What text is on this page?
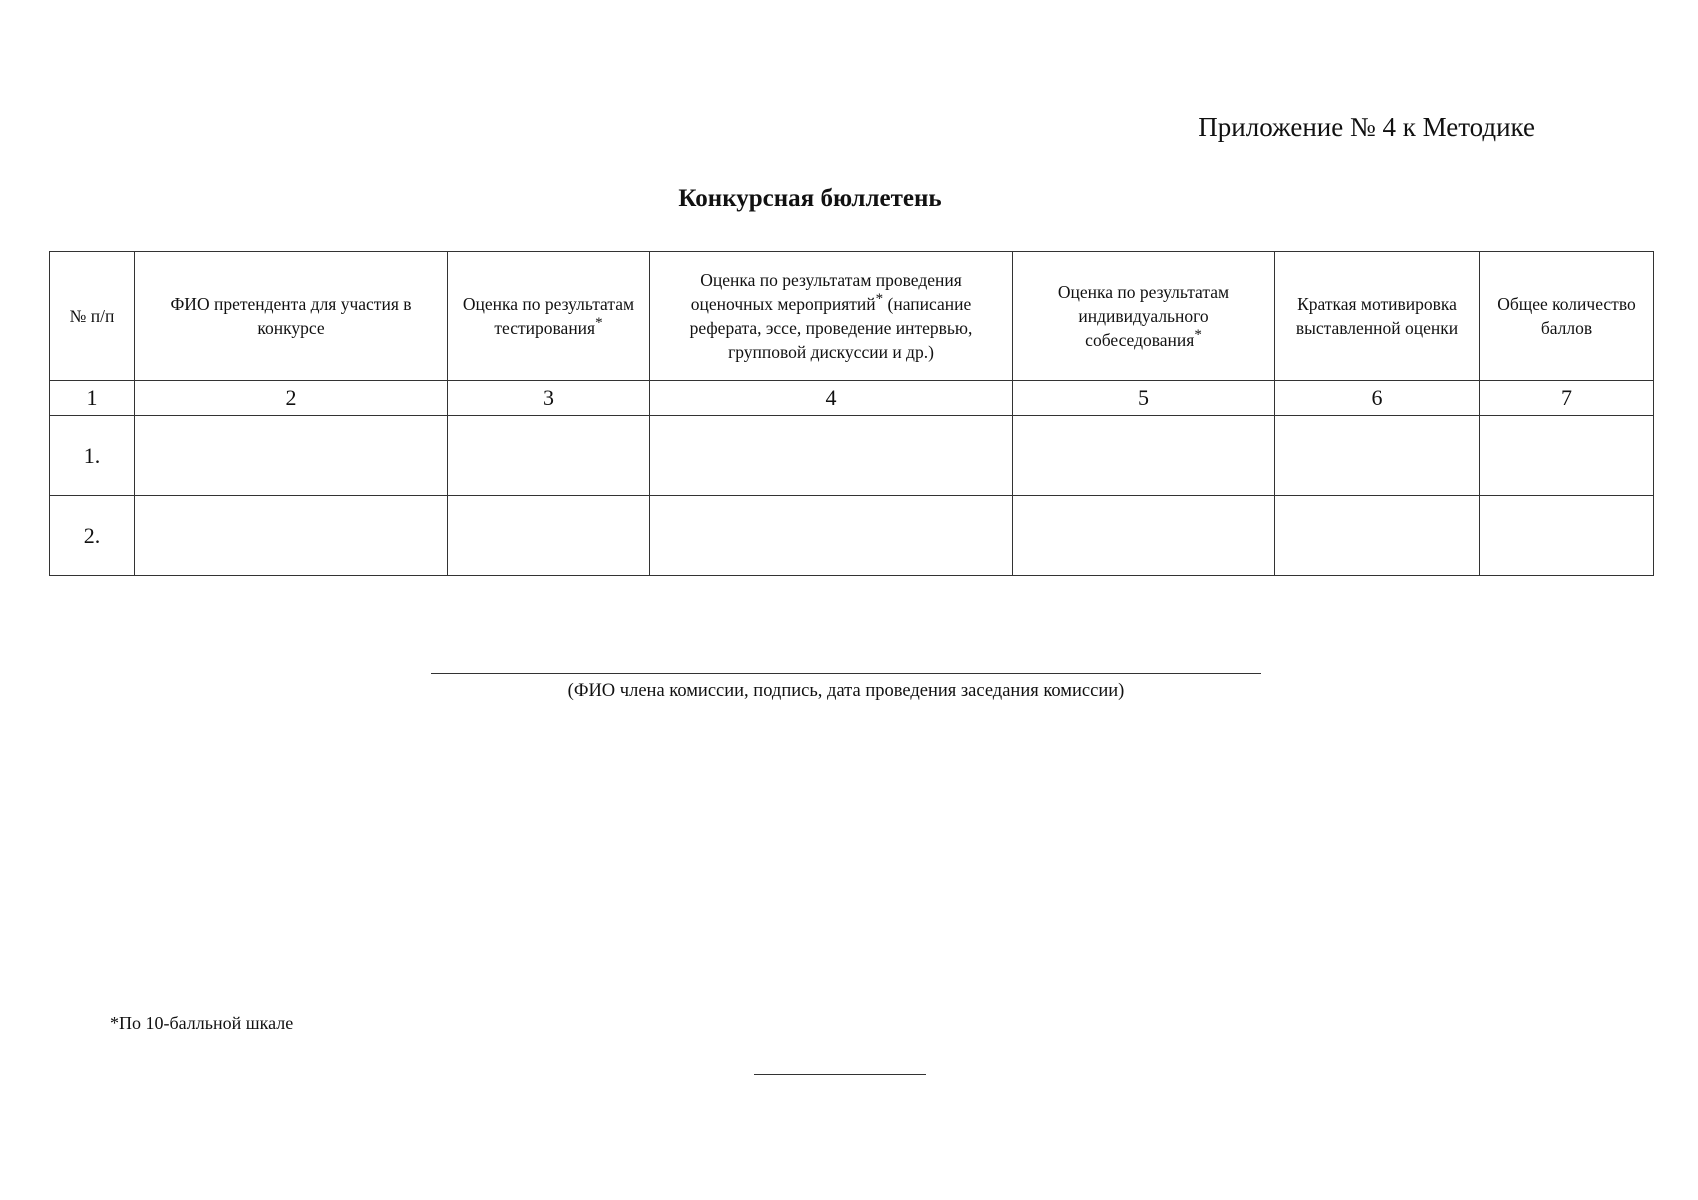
Приложение № 4 к Методике
Конкурсная бюллетень
№ п/п	ФИО претендента для участия в конкурсе	Оценка по результатам тестирования*	Оценка по результатам проведения оценочных мероприятий* (написание реферата, эссе, проведение интервью, групповой дискуссии и др.)	Оценка по результатам индивидуального собеседования*	Краткая мотивировка выставленной оценки	Общее количество баллов
1	2	3	4	5	6	7
1.						
2.						
(ФИО члена комиссии, подпись, дата проведения заседания комиссии)
*По 10-балльной шкале
